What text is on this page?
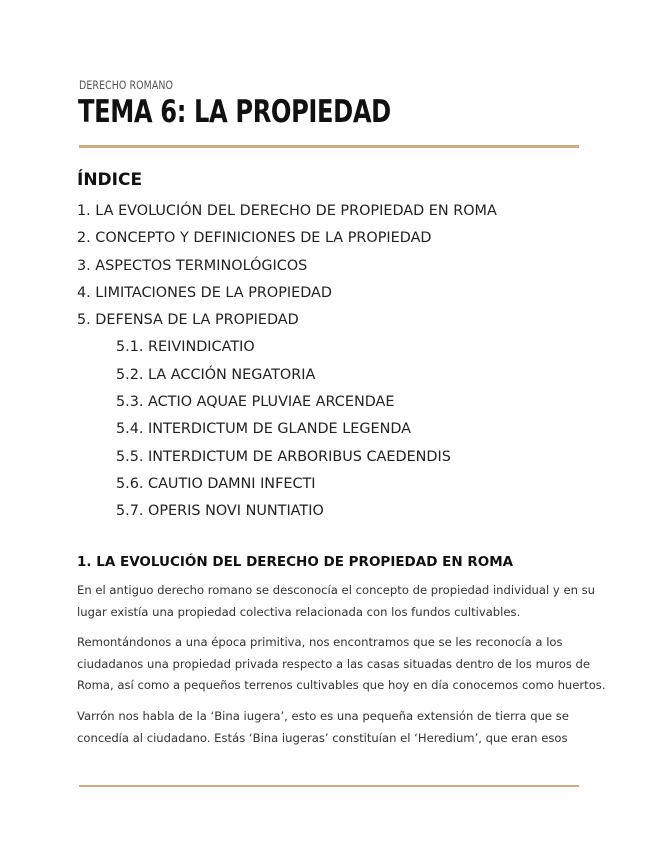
DERECHO ROMANO
TEMA 6: LA PROPIEDAD
ÍNDICE
1. LA EVOLUCIÓN DEL DERECHO DE PROPIEDAD EN ROMA
2. CONCEPTO Y DEFINICIONES DE LA PROPIEDAD
3. ASPECTOS TERMINOLÓGICOS
4. LIMITACIONES DE LA PROPIEDAD
5. DEFENSA DE LA PROPIEDAD
5.1. REIVINDICATIO
5.2. LA ACCIÓN NEGATORIA
5.3. ACTIO AQUAE PLUVIAE ARCENDAE
5.4. INTERDICTUM DE GLANDE LEGENDA
5.5. INTERDICTUM DE ARBORIBUS CAEDENDIS
5.6. CAUTIO DAMNI INFECTI
5.7. OPERIS NOVI NUNTIATIO
1. LA EVOLUCIÓN DEL DERECHO DE PROPIEDAD EN ROMA

En el antiguo derecho romano se desconocía el concepto de propiedad individual y en su

lugar existía una propiedad colectiva relacionada con los fundos cultivables.

Remontándonos a una época primitiva, nos encontramos que se les reconocía a los

ciudadanos una propiedad privada respecto a las casas situadas dentro de los muros de

Roma, así como a pequeños terrenos cultivables que hoy en día conocemos como huertos.

Varrón nos habla de la ‘Bina iugera’, esto es una pequeña extensión de tierra que se

concedía al ciudadano. Estás ‘Bina iugeras’ constituían el ‘Heredium’, que eran esos
